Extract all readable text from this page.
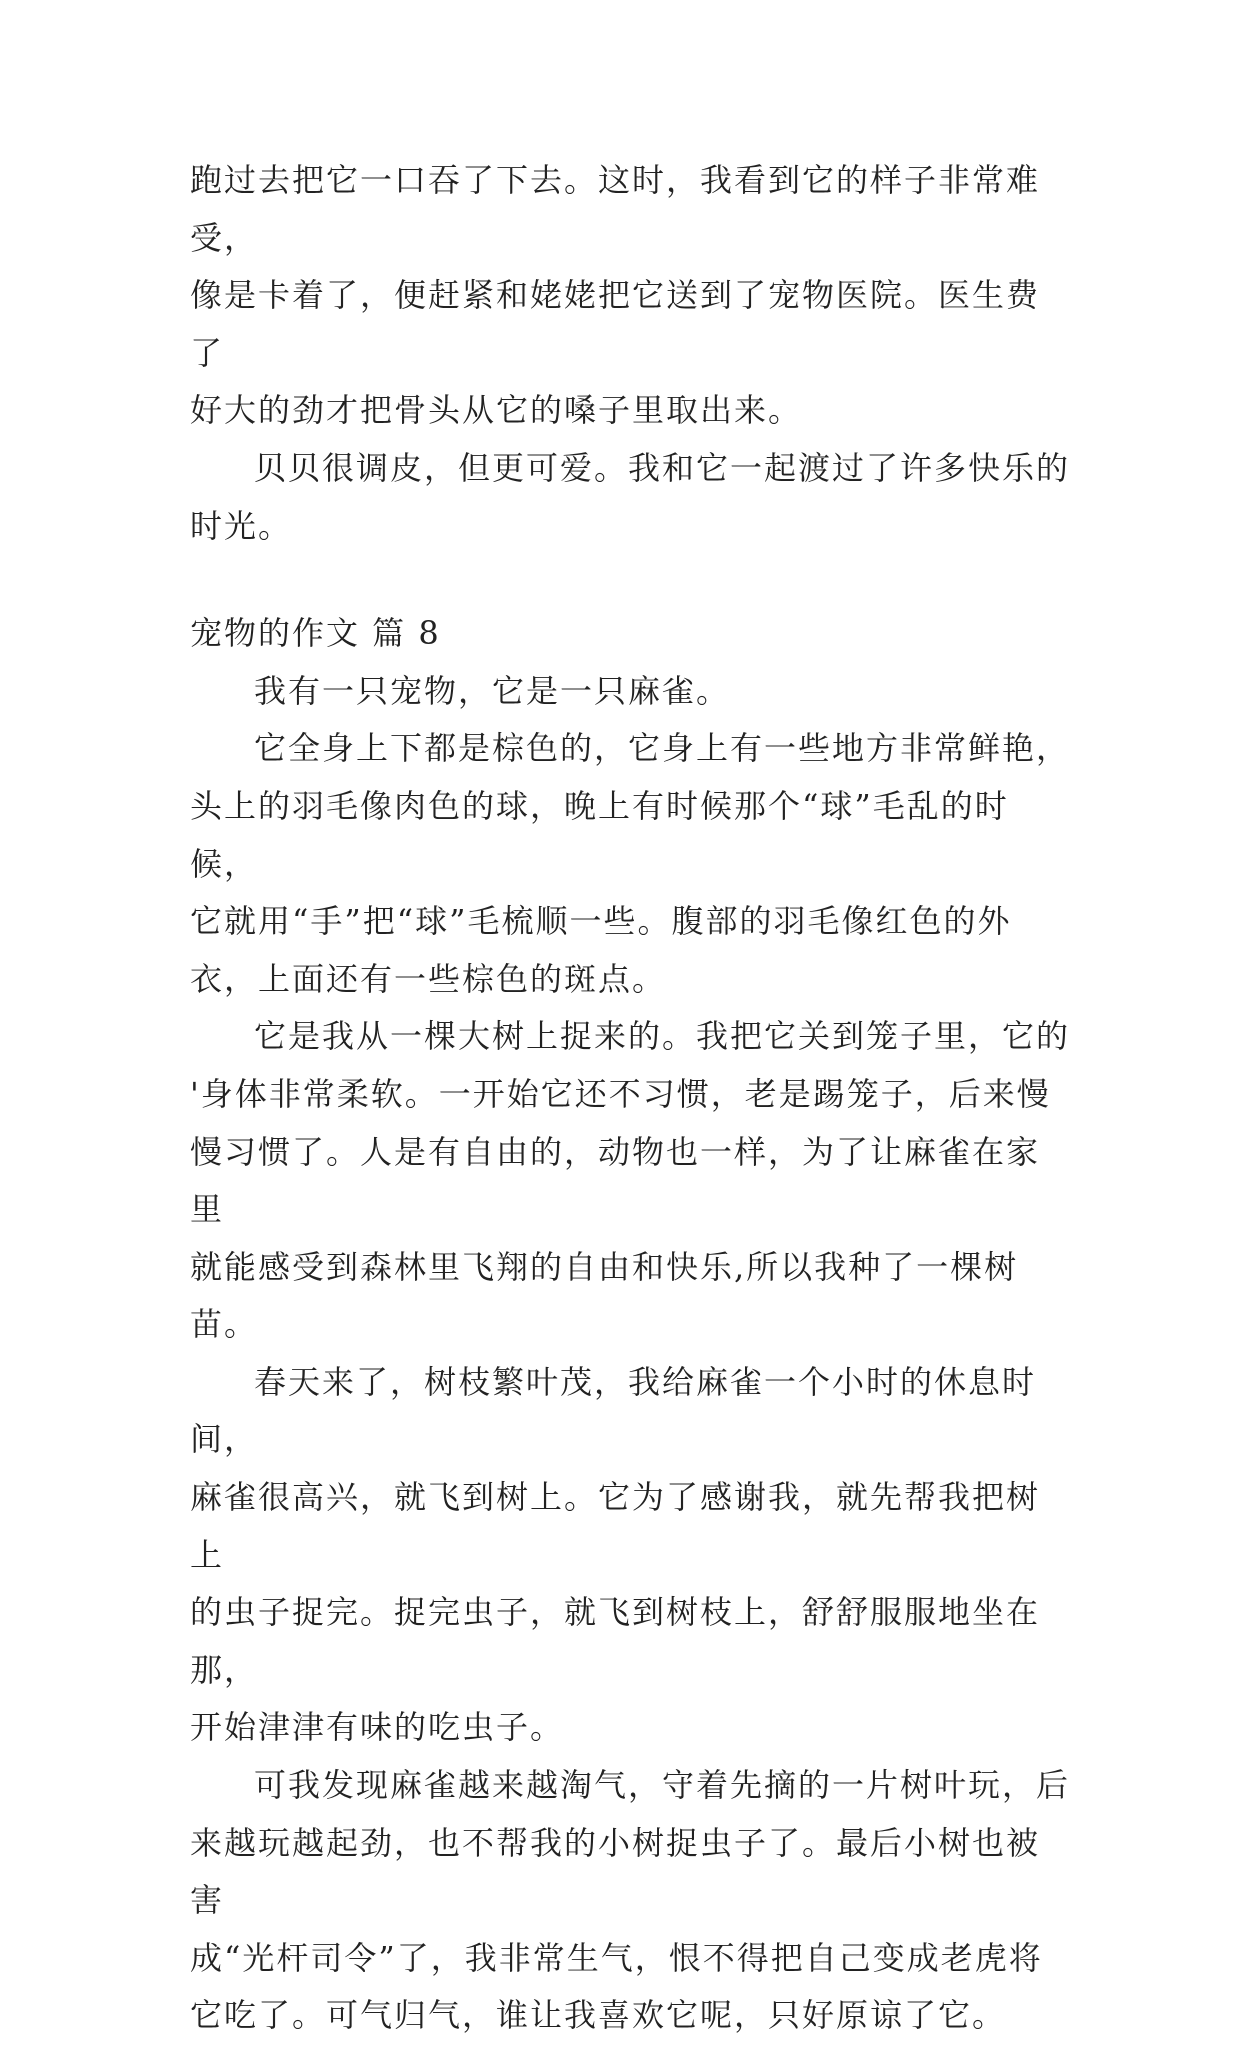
跑过去把它一口吞了下去。这时，我看到它的样子非常难受，
像是卡着了，便赶紧和姥姥把它送到了宠物医院。医生费了
好大的劲才把骨头从它的嗓子里取出来。

贝贝很调皮，但更可爱。我和它一起渡过了许多快乐的
时光。

宠物的作文 篇 8

我有一只宠物，它是一只麻雀。

它全身上下都是棕色的，它身上有一些地方非常鲜艳，
头上的羽毛像肉色的球，晚上有时候那个“球”毛乱的时候，
它就用“手”把“球”毛梳顺一些。腹部的羽毛像红色的外
衣，上面还有一些棕色的斑点。

它是我从一棵大树上捉来的。我把它关到笼子里，它的
'身体非常柔软。一开始它还不习惯，老是踢笼子，后来慢
慢习惯了。人是有自由的，动物也一样，为了让麻雀在家里
就能感受到森林里飞翔的自由和快乐,所以我种了一棵树苗。

春天来了，树枝繁叶茂，我给麻雀一个小时的休息时间，
麻雀很高兴，就飞到树上。它为了感谢我，就先帮我把树上
的虫子捉完。捉完虫子，就飞到树枝上，舒舒服服地坐在那，
开始津津有味的吃虫子。

可我发现麻雀越来越淘气，守着先摘的一片树叶玩，后
来越玩越起劲，也不帮我的小树捉虫子了。最后小树也被害
成“光杆司令”了，我非常生气，恨不得把自己变成老虎将
它吃了。可气归气，谁让我喜欢它呢，只好原谅了它。
